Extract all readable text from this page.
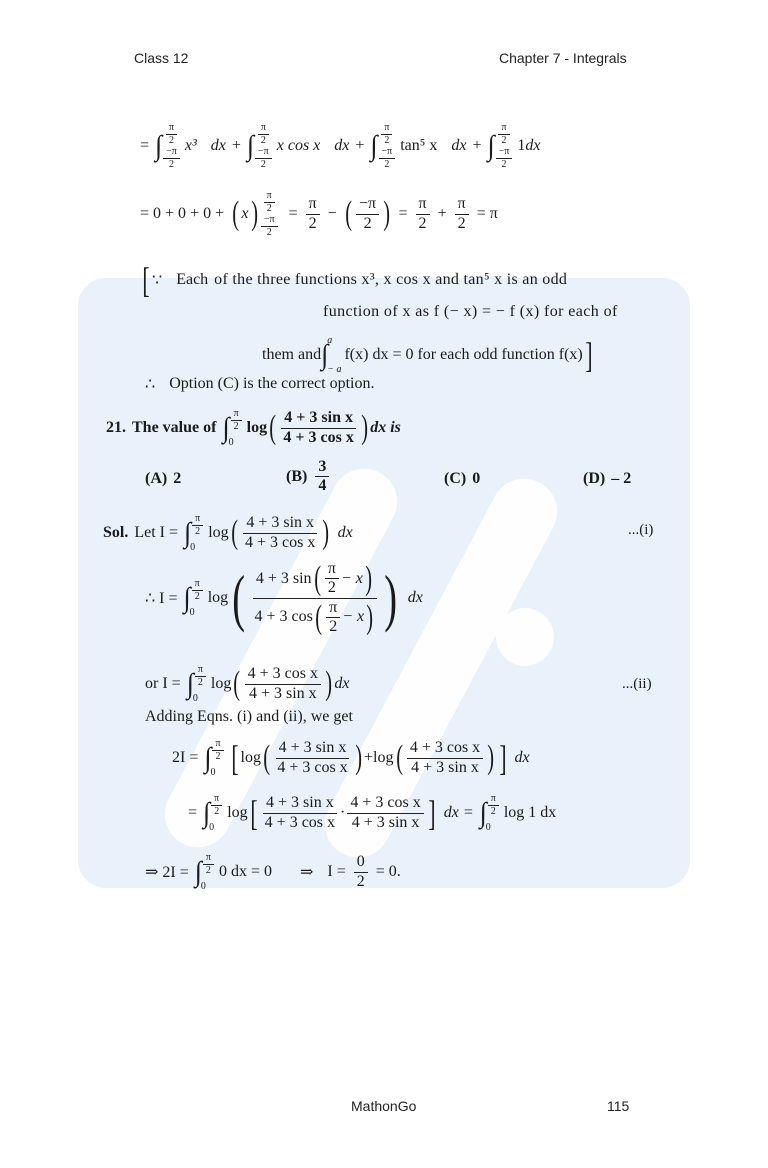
Class 12	Chapter 7 - Integrals
= ∫ $\frac{\pi}{2}$
$\frac{-\pi}{2}$
x³ dx + ∫ $\frac{\pi}{2}$
$\frac{-\pi}{2}$
x cos x dx + ∫ $\frac{\pi}{2}$
$\frac{-\pi}{2}$
tan⁵ x dx + ∫ $\frac{\pi}{2}$
$\frac{-\pi}{2}$
1 dx
= 0 + 0 + 0 + ( x ) $\frac{\pi}{2}$
$\frac{-\pi}{2}$
= $\frac{\pi}{2}$ − ( $\frac{-\pi}{2}$ ) = $\frac{\pi}{2} + \frac{\pi}{2} = \pi$
[ ∵ Each of the three functions x³, x cos x and tan⁵ x is an odd
function of x as f (− x) = − f (x) for each of
them and ∫ a
− a
f(x) dx = 0 for each odd function f(x) ]
∴ Option (C) is the correct option.
21. The value of ∫ $\frac{\pi}{2}$
0
log ( $\frac{\text{4 + 3 sin x}}{\text{4 + 3 cos x}}$ ) dx is
(A) 2	$(B) \frac{3}{4}$	(C) 0	(D) – 2
Sol. Let I = ∫ $\frac{\pi}{2}$
0
log ( $\frac{\text{4 + 3 sin x}}{\text{4 + 3 cos x}}$ ) dx	...(i)
∴ I = ∫ $\frac{\pi}{2}$
0
log ( $\frac{4 + 3 \sin ( \frac{\pi}{2} - x )}{4 + 3 \cos ( \frac{\pi}{2} - x )}$ ) dx
or I = ∫ $\frac{\pi}{2}$
0
log ( $\frac{\text{4 + 3 cos x}}{\text{4 + 3 sin x}}$ ) dx	...(ii)
Adding Eqns. (i) and (ii), we get
2I = ∫ $\frac{\pi}{2}$
0 [ log ( $\frac{\text{4 + 3 sin x}}{\text{4 + 3 cos x}}$ ) + log ( $\frac{\text{4 + 3 cos x}}{\text{4 + 3 sin x}}$ ) ] dx
= ∫ $\frac{\pi}{2}$
0
log [ $\frac{\text{4 + 3 sin x}}{\text{4 + 3 cos x}} \cdot \frac{\text{4 + 3 cos x}}{\text{4 + 3 sin x}}$ ] dx = ∫ $\frac{\pi}{2}$
0
log 1 dx
⇒ 2I = ∫ $\frac{\pi}{2}$
0
0 dx = 0 ⇒ $I = \frac{0}{2} = 0$.
MathonGo	115
